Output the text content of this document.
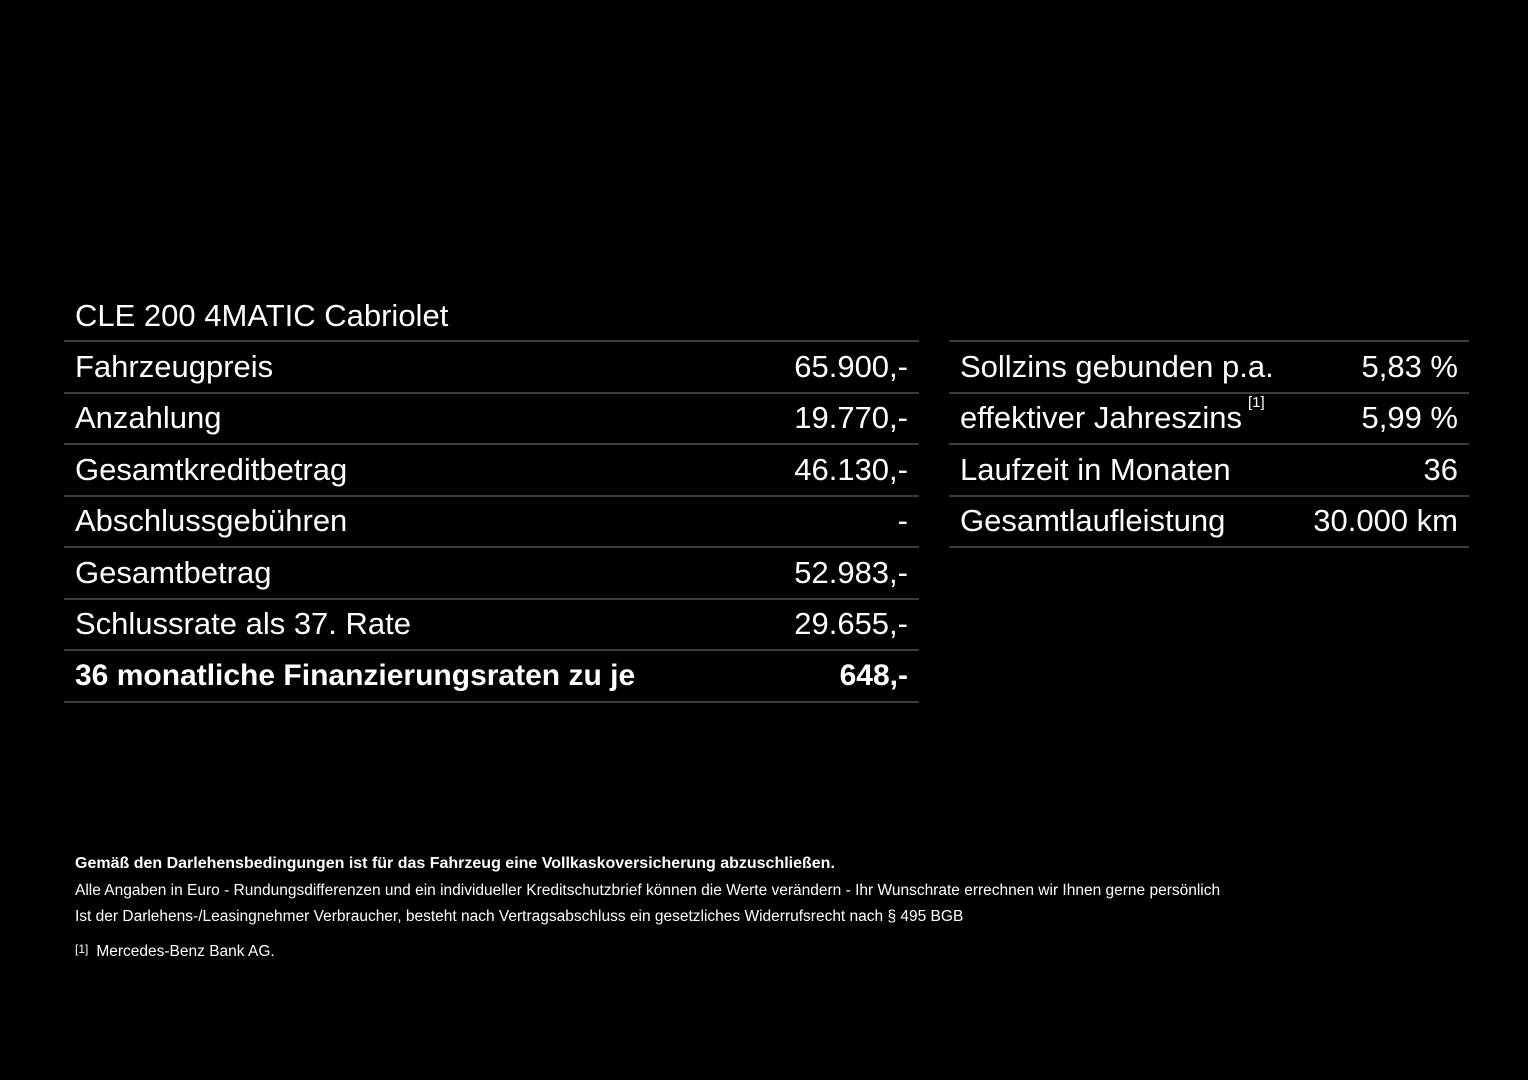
CLE 200 4MATIC Cabriolet
Fahrzeugpreis	65.900,-
Anzahlung	19.770,-
Gesamtkreditbetrag	46.130,-
Abschlussgebühren	-
Gesamtbetrag	52.983,-
Schlussrate als 37. Rate	29.655,-
36 monatliche Finanzierungsraten zu je	648,-
Sollzins gebunden p.a.	5,83 %
effektiver Jahreszins [1]	5,99 %
Laufzeit in Monaten	36
Gesamtlaufleistung	30.000 km
Gemäß den Darlehensbedingungen ist für das Fahrzeug eine Vollkaskoversicherung abzuschließen.
Alle Angaben in Euro - Rundungsdifferenzen und ein individueller Kreditschutzbrief können die Werte verändern - Ihr Wunschrate errechnen wir Ihnen gerne persönlich
Ist der Darlehens-/Leasingnehmer Verbraucher, besteht nach Vertragsabschluss ein gesetzliches Widerrufsrecht nach § 495 BGB
[1] Mercedes-Benz Bank AG.
